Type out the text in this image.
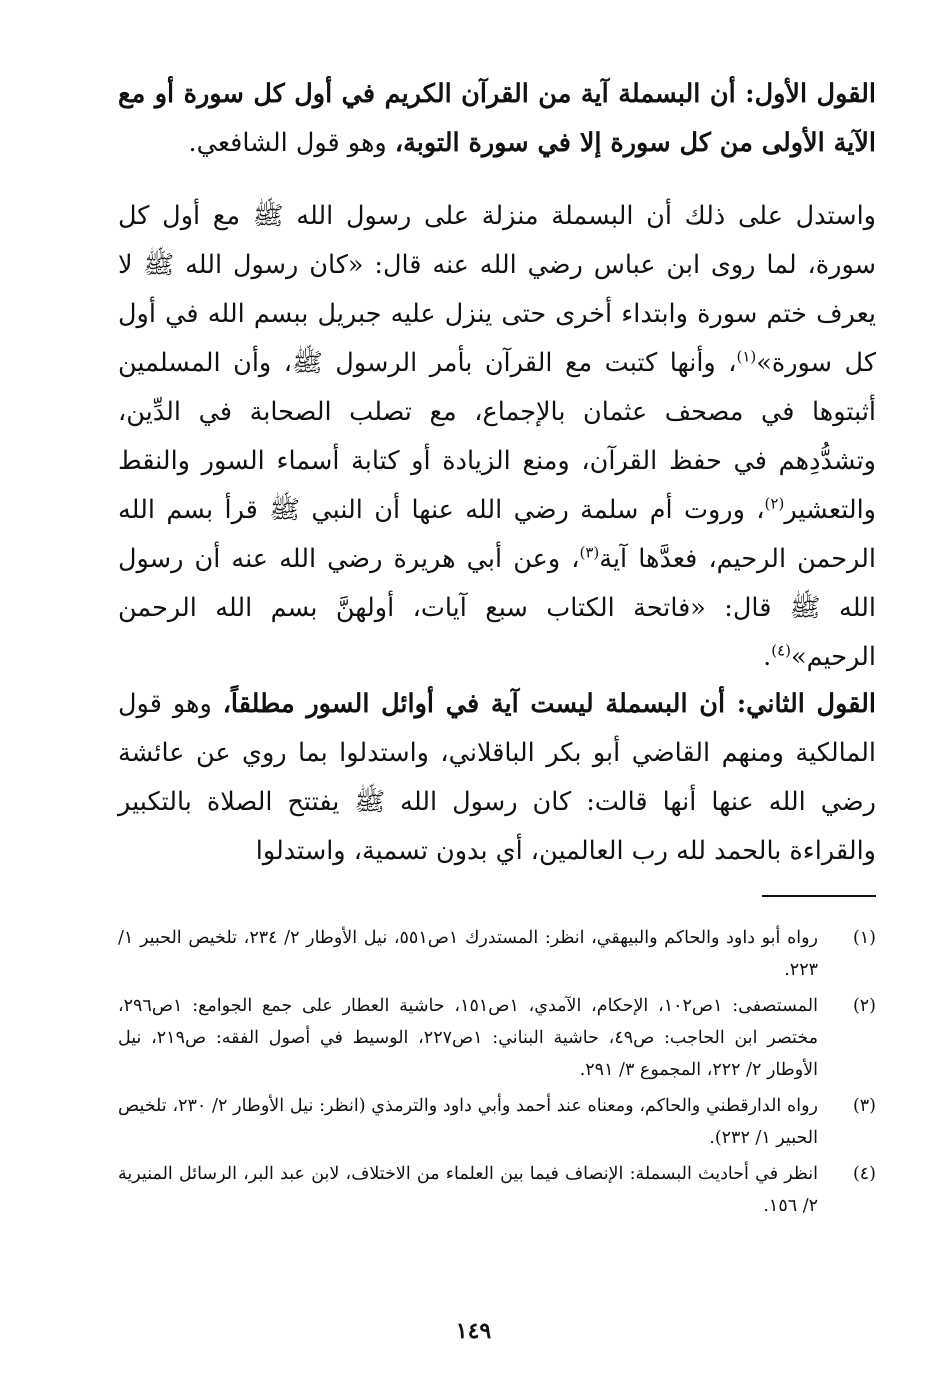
القول الأول: أن البسملة آية من القرآن الكريم في أول كل سورة أو مع الآية الأولى من كل سورة إلا في سورة التوبة، وهو قول الشافعي.

واستدل على ذلك أن البسملة منزلة على رسول الله ﷺ مع أول كل سورة، لما روى ابن عباس رضي الله عنه قال: «كان رسول الله ﷺ لا يعرف ختم سورة وابتداء أخرى حتى ينزل عليه جبريل ببسم الله في أول كل سورة»$^{(١)}$، وأنها كتبت مع القرآن بأمر الرسول ﷺ، وأن المسلمين أثبتوها في مصحف عثمان بالإجماع، مع تصلب الصحابة في الدِّين، وتشدُّدِهم في حفظ القرآن، ومنع الزيادة أو كتابة أسماء السور والنقط والتعشير$^{(٢)}$، وروت أم سلمة رضي الله عنها أن النبي ﷺ قرأ بسم الله الرحمن الرحيم، فعدَّها آية$^{(٣)}$، وعن أبي هريرة رضي الله عنه أن رسول الله ﷺ قال: «فاتحة الكتاب سبع آيات، أولهنَّ بسم الله الرحمن الرحيم»$^{(٤)}$.

القول الثاني: أن البسملة ليست آية في أوائل السور مطلقاً، وهو قول المالكية ومنهم القاضي أبو بكر الباقلاني، واستدلوا بما روي عن عائشة رضي الله عنها أنها قالت: كان رسول الله ﷺ يفتتح الصلاة بالتكبير والقراءة بالحمد لله رب العالمين، أي بدون تسمية، واستدلوا

(١)
رواه أبو داود والحاكم والبيهقي، انظر: المستدرك ١ص٥٥١، نيل الأوطار ٢/ ٢٣٤، تلخيص الحبير ١/ ٢٢٣.
(٢)
المستصفى: ١ص١٠٢، الإحكام، الآمدي، ١ص١٥١، حاشية العطار على جمع الجوامع: ١ص٢٩٦، مختصر ابن الحاجب: ص٤٩، حاشية البناني: ١ص٢٢٧، الوسيط في أصول الفقه: ص٢١٩، نيل الأوطار ٢/ ٢٢٢، المجموع ٣/ ٢٩١.
(٣)
رواه الدارقطني والحاكم، ومعناه عند أحمد وأبي داود والترمذي (انظر: نيل الأوطار ٢/ ٢٣٠، تلخيص الحبير ١/ ٢٣٢).
(٤)
انظر في أحاديث البسملة: الإنصاف فيما بين العلماء من الاختلاف، لابن عبد البر، الرسائل المنيرية ٢/ ١٥٦.
١٤٩
